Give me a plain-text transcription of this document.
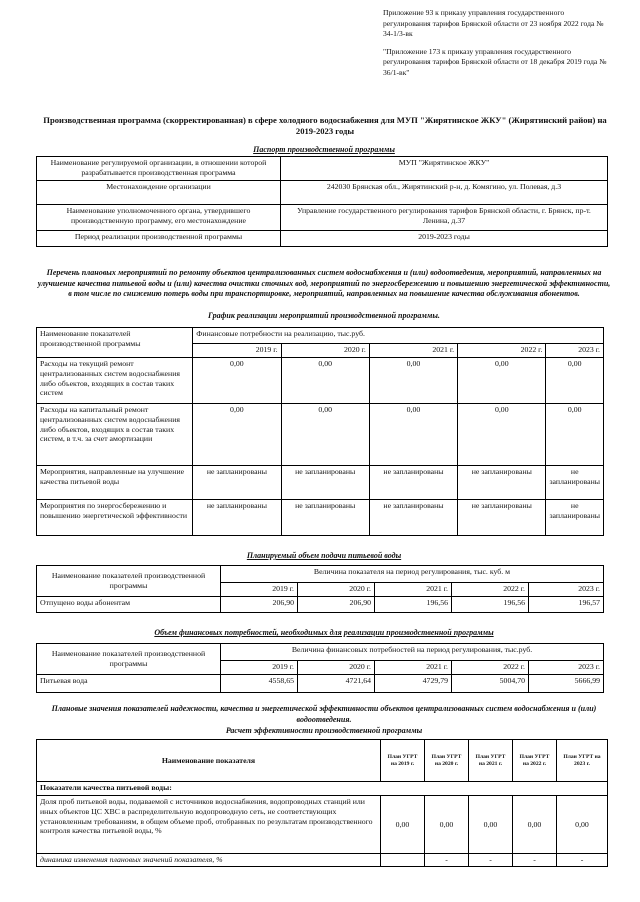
Приложение 93 к приказу управления государственного регулирования тарифов Брянской области от 23 ноября 2022 года № 34-1/3-вк

"Приложение 173 к приказу управления государственного регулирования тарифов Брянской области от 18 декабря 2019 года № 36/1-вк"

Производственная программа (скорректированная) в сфере холодного водоснабжения для МУП "Жирятинское ЖКУ" (Жирятинский район) на 2019-2023 годы
Паспорт производственной программы
Наименование регулируемой организации, в отношении которой разрабатывается производственная программа	МУП "Жирятинское ЖКУ"
Местонахождение организации	242030 Брянская обл., Жирятинский р-н, д. Комягино, ул. Полевая, д.3
Наименование уполномоченного органа, утвердившего производственную программу, его местонахождение	Управление государственного регулирования тарифов Брянской области, г. Брянск, пр-т. Ленина, д.37
Период реализации производственной программы	2019-2023 годы
Перечень плановых мероприятий по ремонту объектов централизованных систем водоснабжения и (или) водоотведения, мероприятий, направленных на улучшение качества питьевой воды и (или) качества очистки сточных вод, мероприятий по энергосбережению и повышению энергетической эффективности, в том числе по снижению потерь воды при транспортировке, мероприятий, направленных на повышение качества обслуживания абонентов.
График реализации мероприятий производственной программы.
Наименование показателей производственной программы	Финансовые потребности на реализацию, тыс.руб.				
	2019 г.	2020 г.	2021 г.	2022 г.	2023 г.
Расходы на текущий ремонт централизованных систем водоснабжения либо объектов, входящих в состав таких систем	0,00	0,00	0,00	0,00	0,00
Расходы на капитальный ремонт централизованных систем водоснабжения либо объектов, входящих в состав таких систем, в т.ч. за счет амортизации	0,00	0,00	0,00	0,00	0,00
Мероприятия, направленные на улучшение качества питьевой воды	не запланированы	не запланированы	не запланированы	не запланированы	не запланированы
Мероприятия по энергосбережению и повышению энергетической эффективности	не запланированы	не запланированы	не запланированы	не запланированы	не запланированы
Планируемый объем подачи питьевой воды
Наименование показателей производственной программы	Величина показателя на период регулирования, тыс. куб. м				
	2019 г.	2020 г.	2021 г.	2022 г.	2023 г.
Отпущено воды абонентам	206,90	206,90	196,56	196,56	196,57
Объем финансовых потребностей, необходимых для реализации производственной программы
Наименование показателей производственной программы	Величина финансовых потребностей на период регулирования, тыс.руб.				
	2019 г.	2020 г.	2021 г.	2022 г.	2023 г.
Питьевая вода	4558,65	4721,64	4729,79	5004,70	5666,99
Плановые значения показателей надежности, качества и энергетической эффективности объектов централизованных систем водоснабжения и (или) водоотведения.
Расчет эффективности производственной программы
Наименование показателя	План УГРТ на 2019 г.	План УГРТ на 2020 г.	План УГРТ на 2021 г.	План УГРТ на 2022 г.	План УГРТ на 2023 г.
Показатели качества питьевой воды:					
Доля проб питьевой воды, подаваемой с источников водоснабжения, водопроводных станций или иных объектов ЦС ХВС в распределительную водопроводную сеть, не соответствующих установленным требованиям, в общем объеме проб, отобранных по результатам производственного контроля качества питьевой воды, %	0,00	0,00	0,00	0,00	0,00
динамика изменения плановых значений показателя, %		-	-	-	-
